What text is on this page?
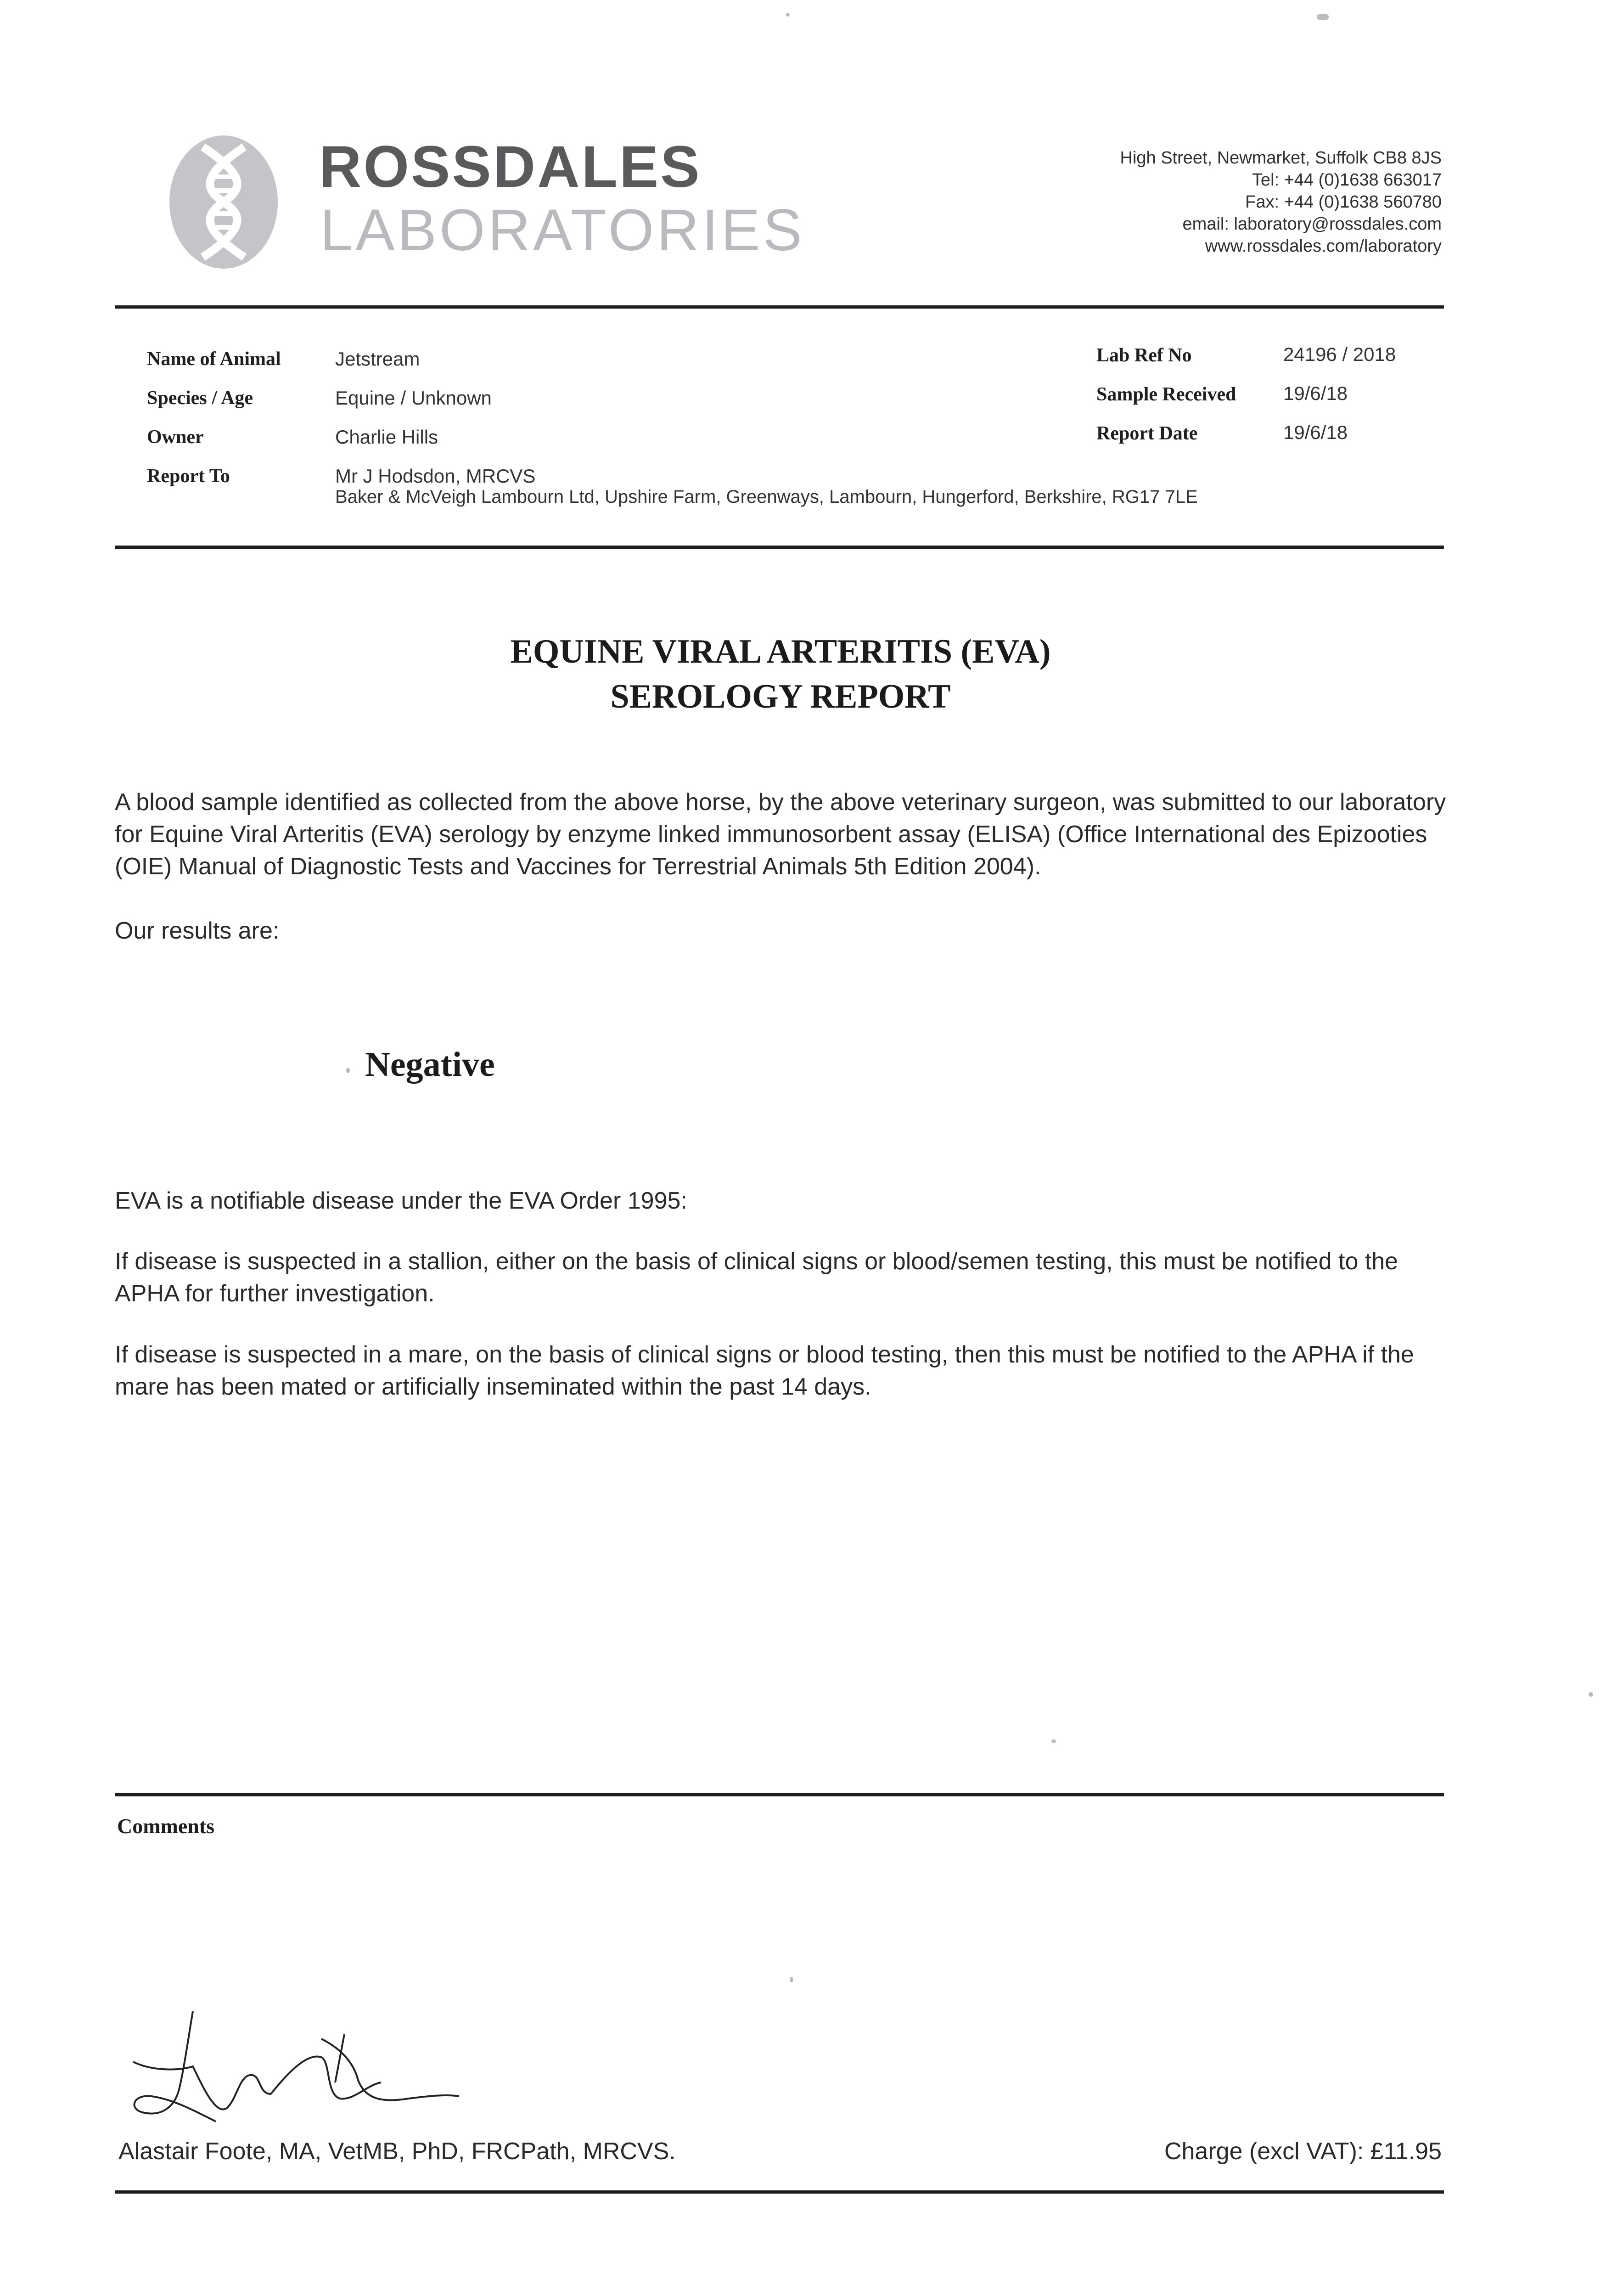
ROSSDALES
LABORATORIES
High Street, Newmarket, Suffolk CB8 8JS
Tel: +44 (0)1638 663017
Fax: +44 (0)1638 560780
email: laboratory@rossdales.com
www.rossdales.com/laboratory
Name of Animal	Jetstream
Species / Age	Equine / Unknown
Owner	Charlie Hills
Report To	Mr J Hodsdon, MRCVS
Baker & McVeigh Lambourn Ltd, Upshire Farm, Greenways, Lambourn, Hungerford, Berkshire, RG17 7LE
Lab Ref No	24196 / 2018
Sample Received 19/6/18
Report Date	19/6/18
EQUINE VIRAL ARTERITIS (EVA)
SEROLOGY REPORT
A blood sample identified as collected from the above horse, by the above veterinary surgeon, was submitted to our laboratory for Equine Viral Arteritis (EVA) serology by enzyme linked immunosorbent assay (ELISA) (Office International des Epizooties (OIE) Manual of Diagnostic Tests and Vaccines for Terrestrial Animals 5th Edition 2004).
Our results are:
Negative
EVA is a notifiable disease under the EVA Order 1995:
If disease is suspected in a stallion, either on the basis of clinical signs or blood/semen testing, this must be notified to the APHA for further investigation.
If disease is suspected in a mare, on the basis of clinical signs or blood testing, then this must be notified to the APHA if the mare has been mated or artificially inseminated within the past 14 days.
Comments
Alastair Foote, MA, VetMB, PhD, FRCPath, MRCVS.	Charge (excl VAT): £11.95
